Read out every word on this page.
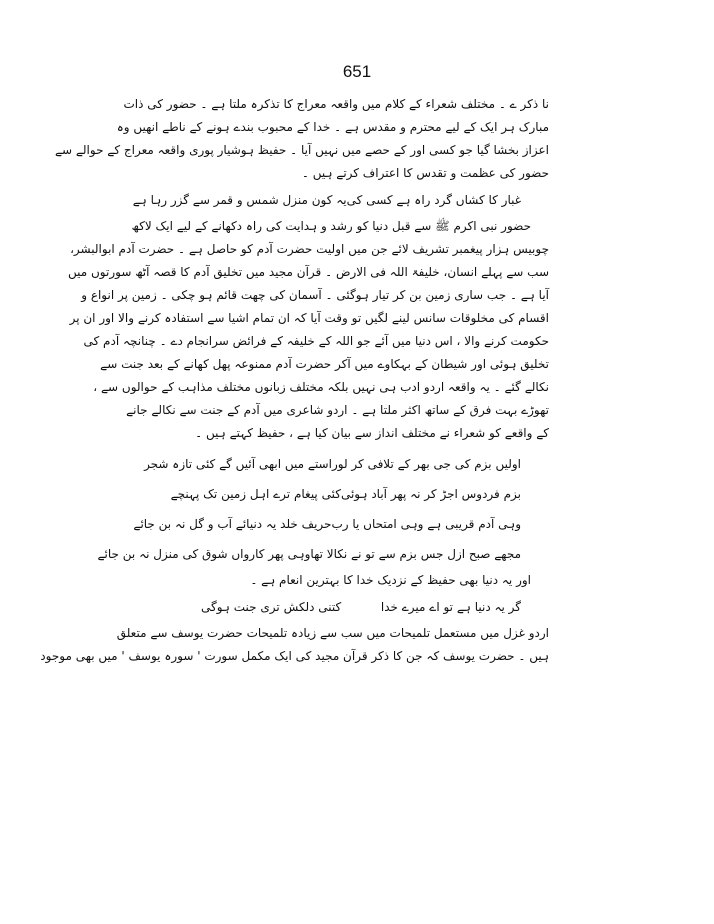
651
نا ذکر ے ۔ مختلف شعراء کے کلام میں واقعہ معراج کا تذکرہ ملتا ہے ۔ حضور کی ذات
مبارک ہر ایک کے لیے محترم و مقدس ہے ۔ خدا کے محبوب بندے ہونے کے ناطے انھیں وہ
اعزاز بخشا گیا جو کسی اور کے حصے میں نہیں آیا ۔ حفیظ ہوشیار پوری واقعہ معراج کے حوالے سے
حضور کی عظمت و تقدس کا اعتراف کرتے ہیں ۔
غبار کا کشاں گرد راہ ہے کسی کی
یہ کون منزل شمس و قمر سے گزر رہا ہے
حضور نبی اکرم ﷺ سے قبل دنیا کو رشد و ہدایت کی راہ دکھانے کے لیے ایک لاکھ
چوبیس ہزار پیغمبر تشریف لائے جن میں اولیت حضرت آدم کو حاصل ہے ۔ حضرت آدم ابوالبشر،
سب سے پہلے انسان، خلیفۃ اللہ فی الارض ۔ قرآن مجید میں تخلیق آدم کا قصہ آٹھ سورتوں میں
آیا ہے ۔ جب ساری زمین بن کر تیار ہوگئی ۔ آسمان کی چھت قائم ہو چکی ۔ زمین پر انواع و
اقسام کی مخلوقات سانس لینے لگیں تو وقت آیا کہ ان تمام اشیا سے استفادہ کرنے والا اور ان پر
حکومت کرنے والا ، اس دنیا میں آئے جو اللہ کے خلیفہ کے فرائض سرانجام دے ۔ چنانچہ آدم کی
تخلیق ہوئی اور شیطان کے بہکاوے میں آکر حضرت آدم ممنوعہ پھل کھانے کے بعد جنت سے
نکالے گئے ۔ یہ واقعہ اردو ادب ہی نہیں بلکہ مختلف زبانوں مختلف مذاہب کے حوالوں سے ،
تھوڑے بہت فرق کے ساتھ اکثر ملتا ہے ۔ اردو شاعری میں آدم کے جنت سے نکالے جانے
کے واقعے کو شعراء نے مختلف انداز سے بیان کیا ہے ، حفیظ کہتے ہیں ۔
اولیں بزم کی جی بھر کے تلافی کر لو
راستے میں ابھی آئیں گے کئی تازہ شجر
بزم فردوس اجڑ کر نہ پھر آباد ہوئی
کئی پیغام ترے اہل زمین تک پہنچے
وہی آدم قریبی ہے وہی امتحاں یا رب
حریف خلد یہ دنیائے آب و گل نہ بن جائے
مجھے صبح ازل جس بزم سے تو نے نکالا تھا
وہی پھر کارواں شوق کی منزل نہ بن جائے
اور یہ دنیا بھی حفیظ کے نزدیک خدا کا بہترین انعام ہے ۔
گر یہ دنیا ہے تو اے میرے خدا
کتنی دلکش تری جنت ہوگی
اردو غزل میں مستعمل تلمیحات میں سب سے زیادہ تلمیحات حضرت یوسف سے متعلق
ہیں ۔ حضرت یوسف کہ جن کا ذکر قرآن مجید کی ایک مکمل سورت ' سورہ یوسف ' میں بھی موجود
